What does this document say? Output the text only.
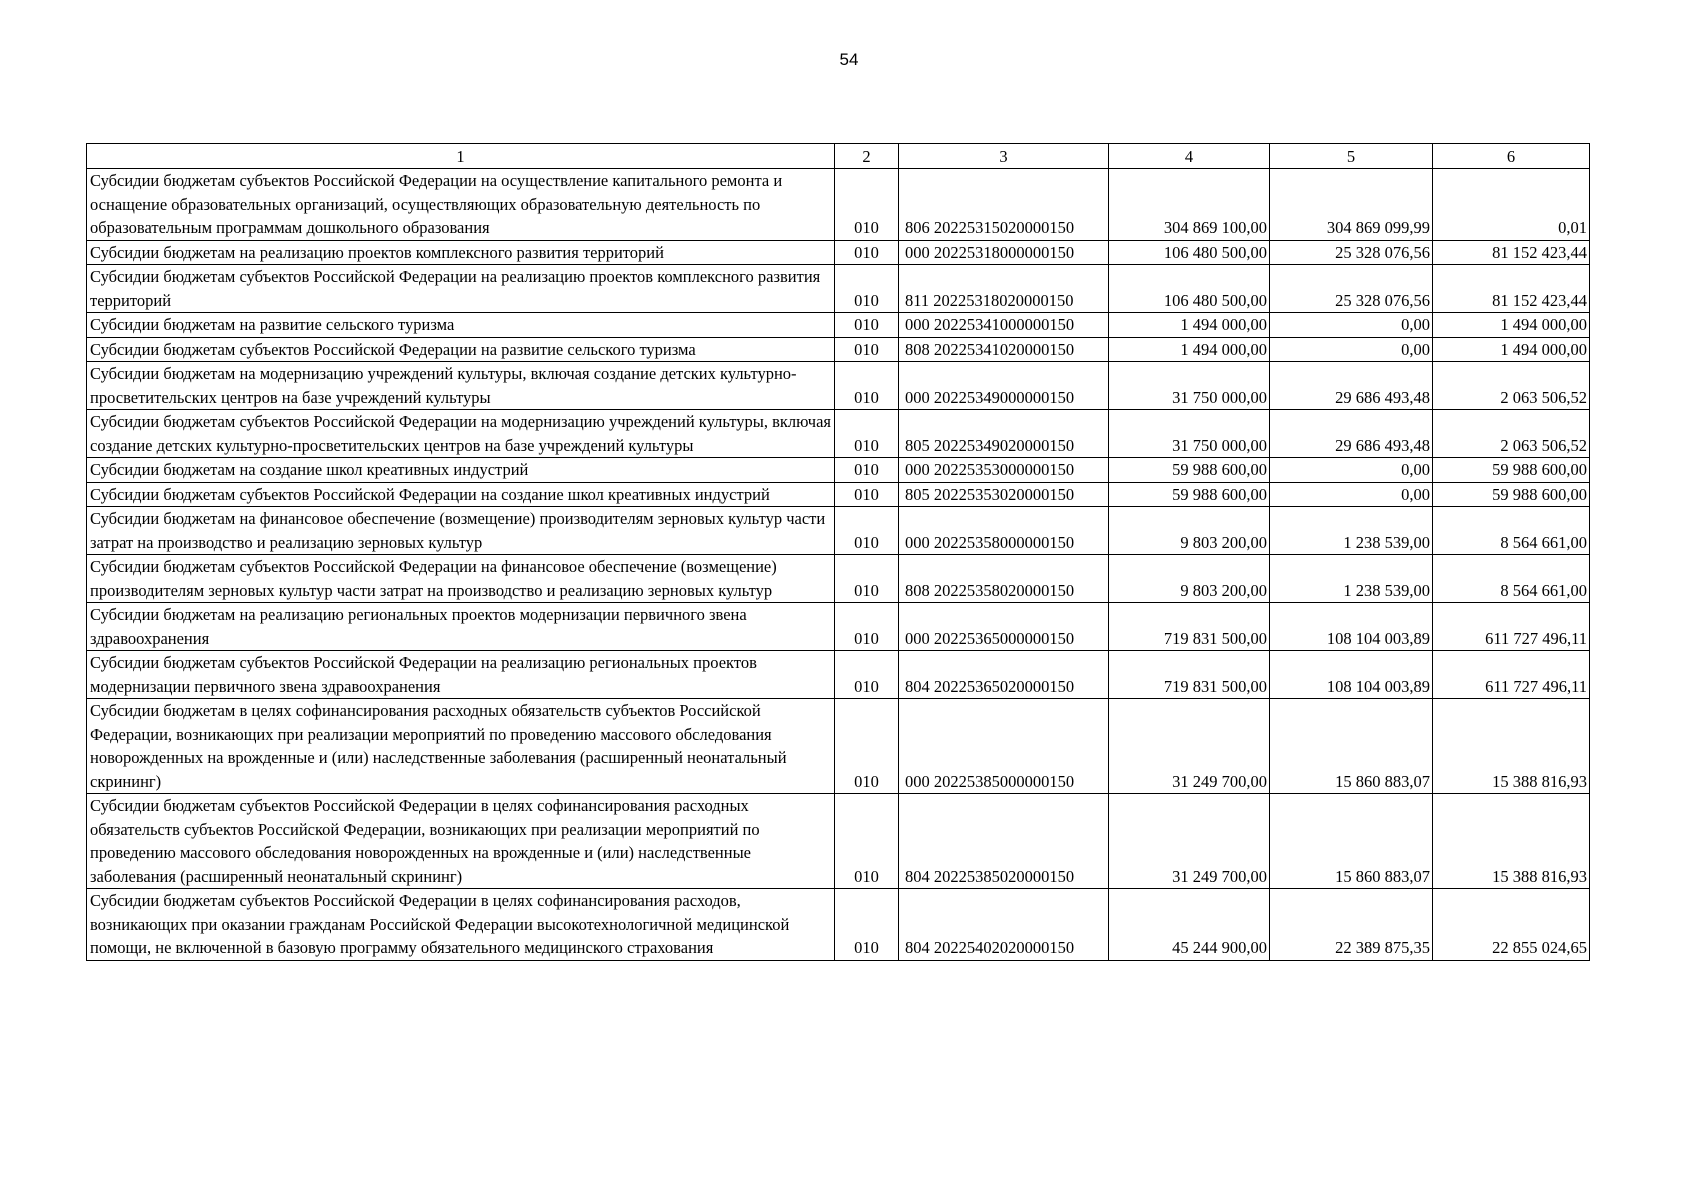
54
1	2	3	4	5	6
Субсидии бюджетам субъектов Российской Федерации на осуществление капитального ремонта и оснащение образовательных организаций, осуществляющих образовательную деятельность по образовательным программам дошкольного образования	010	806 20225315020000150	304 869 100,00	304 869 099,99	0,01
Субсидии бюджетам на реализацию проектов комплексного развития территорий	010	000 20225318000000150	106 480 500,00	25 328 076,56	81 152 423,44
Субсидии бюджетам субъектов Российской Федерации на реализацию проектов комплексного развития территорий	010	811 20225318020000150	106 480 500,00	25 328 076,56	81 152 423,44
Субсидии бюджетам на развитие сельского туризма	010	000 20225341000000150	1 494 000,00	0,00	1 494 000,00
Субсидии бюджетам субъектов Российской Федерации на развитие сельского туризма	010	808 20225341020000150	1 494 000,00	0,00	1 494 000,00
Субсидии бюджетам на модернизацию учреждений культуры, включая создание детских культурно-просветительских центров на базе учреждений культуры	010	000 20225349000000150	31 750 000,00	29 686 493,48	2 063 506,52
Субсидии бюджетам субъектов Российской Федерации на модернизацию учреждений культуры, включая создание детских культурно-просветительских центров на базе учреждений культуры	010	805 20225349020000150	31 750 000,00	29 686 493,48	2 063 506,52
Субсидии бюджетам на создание школ креативных индустрий	010	000 20225353000000150	59 988 600,00	0,00	59 988 600,00
Субсидии бюджетам субъектов Российской Федерации на создание школ креативных индустрий	010	805 20225353020000150	59 988 600,00	0,00	59 988 600,00
Субсидии бюджетам на финансовое обеспечение (возмещение) производителям зерновых культур части затрат на производство и реализацию зерновых культур	010	000 20225358000000150	9 803 200,00	1 238 539,00	8 564 661,00
Субсидии бюджетам субъектов Российской Федерации на финансовое обеспечение (возмещение) производителям зерновых культур части затрат на производство и реализацию зерновых культур	010	808 20225358020000150	9 803 200,00	1 238 539,00	8 564 661,00
Субсидии бюджетам на реализацию региональных проектов модернизации первичного звена здравоохранения	010	000 20225365000000150	719 831 500,00	108 104 003,89	611 727 496,11
Субсидии бюджетам субъектов Российской Федерации на реализацию региональных проектов модернизации первичного звена здравоохранения	010	804 20225365020000150	719 831 500,00	108 104 003,89	611 727 496,11
Субсидии бюджетам в целях софинансирования расходных обязательств субъектов Российской Федерации, возникающих при реализации мероприятий по проведению массового обследования новорожденных на врожденные и (или) наследственные заболевания (расширенный неонатальный скрининг)	010	000 20225385000000150	31 249 700,00	15 860 883,07	15 388 816,93
Субсидии бюджетам субъектов Российской Федерации в целях софинансирования расходных обязательств субъектов Российской Федерации, возникающих при реализации мероприятий по проведению массового обследования новорожденных на врожденные и (или) наследственные заболевания (расширенный неонатальный скрининг)	010	804 20225385020000150	31 249 700,00	15 860 883,07	15 388 816,93
Субсидии бюджетам субъектов Российской Федерации в целях софинансирования расходов, возникающих при оказании гражданам Российской Федерации высокотехнологичной медицинской помощи, не включенной в базовую программу обязательного медицинского страхования	010	804 20225402020000150	45 244 900,00	22 389 875,35	22 855 024,65
